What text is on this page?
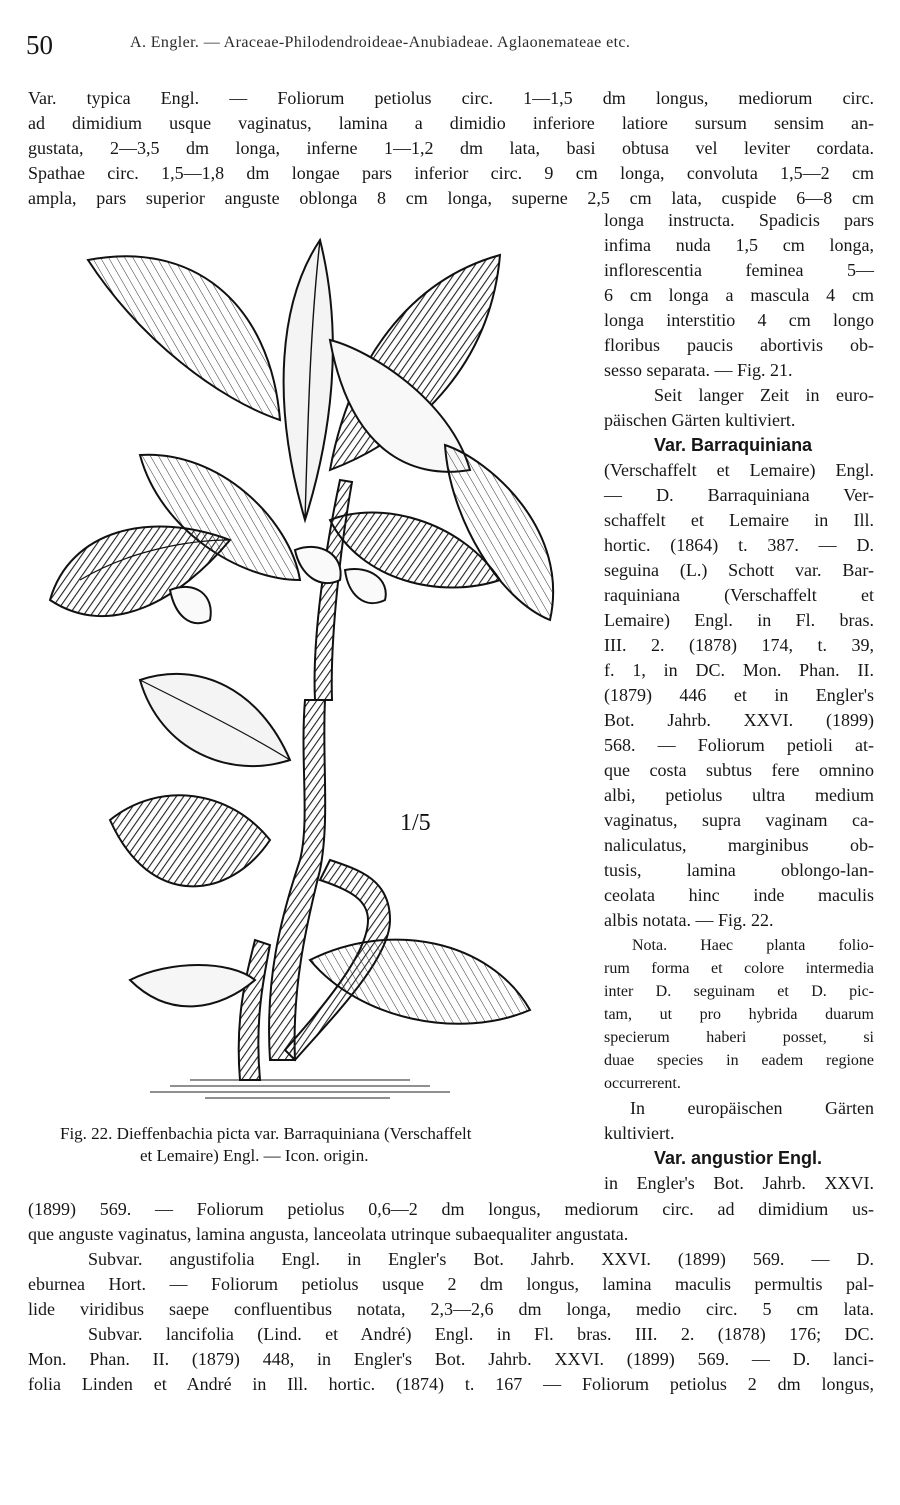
50	A. Engler. — Araceae-Philodendroideae-Anubiadeae. Aglaonemateae etc.
Var. typica Engl. — Foliorum petiolus circ. 1—1,5 dm longus, mediorum circ.
ad dimidium usque vaginatus, lamina a dimidio inferiore latiore sursum sensim an-
gustata, 2—3,5 dm longa, inferne 1—1,2 dm lata, basi obtusa vel leviter cordata.
Spathae circ. 1,5—1,8 dm longae pars inferior circ. 9 cm longa, convoluta 1,5—2 cm
ampla, pars superior anguste oblonga 8 cm longa, superne 2,5 cm lata, cuspide 6—8 cm
1/5
longa instructa. Spadicis pars
infima nuda 1,5 cm longa,
inflorescentia feminea 5—
6 cm longa a mascula 4 cm
longa interstitio 4 cm longo
floribus paucis abortivis ob-
sesso separata. — Fig. 21.
Seit langer Zeit in euro-
päischen Gärten kultiviert.
Var. Barraquiniana
(Verschaffelt et Lemaire) Engl.
— D. Barraquiniana Ver-
schaffelt et Lemaire in Ill.
hortic. (1864) t. 387. — D.
seguina (L.) Schott var. Bar-
raquiniana (Verschaffelt et
Lemaire) Engl. in Fl. bras.
III. 2. (1878) 174, t. 39,
f. 1, in DC. Mon. Phan. II.
(1879) 446 et in Engler's
Bot. Jahrb. XXVI. (1899)
568. — Foliorum petioli at-
que costa subtus fere omnino
albi, petiolus ultra medium
vaginatus, supra vaginam ca-
naliculatus, marginibus ob-
tusis, lamina oblongo-lan-
ceolata hinc inde maculis
albis notata. — Fig. 22.
Nota. Haec planta folio-
rum forma et colore intermedia
inter D. seguinam et D. pic-
tam, ut pro hybrida duarum
specierum haberi posset, si
duae species in eadem regione
occurrerent.
In europäischen Gärten
kultiviert.
Var. angustior Engl.
in Engler's Bot. Jahrb. XXVI.
Fig. 22. Dieffenbachia picta var. Barraquiniana (Verschaffelt
et Lemaire) Engl. — Icon. origin.
(1899) 569. — Foliorum petiolus 0,6—2 dm longus, mediorum circ. ad dimidium us-
que anguste vaginatus, lamina angusta, lanceolata utrinque subaequaliter angustata.
Subvar. angustifolia Engl. in Engler's Bot. Jahrb. XXVI. (1899) 569. — D.
eburnea Hort. — Foliorum petiolus usque 2 dm longus, lamina maculis permultis pal-
lide viridibus saepe confluentibus notata, 2,3—2,6 dm longa, medio circ. 5 cm lata.
Subvar. lancifolia (Lind. et André) Engl. in Fl. bras. III. 2. (1878) 176; DC.
Mon. Phan. II. (1879) 448, in Engler's Bot. Jahrb. XXVI. (1899) 569. — D. lanci-
folia Linden et André in Ill. hortic. (1874) t. 167 — Foliorum petiolus 2 dm longus,
